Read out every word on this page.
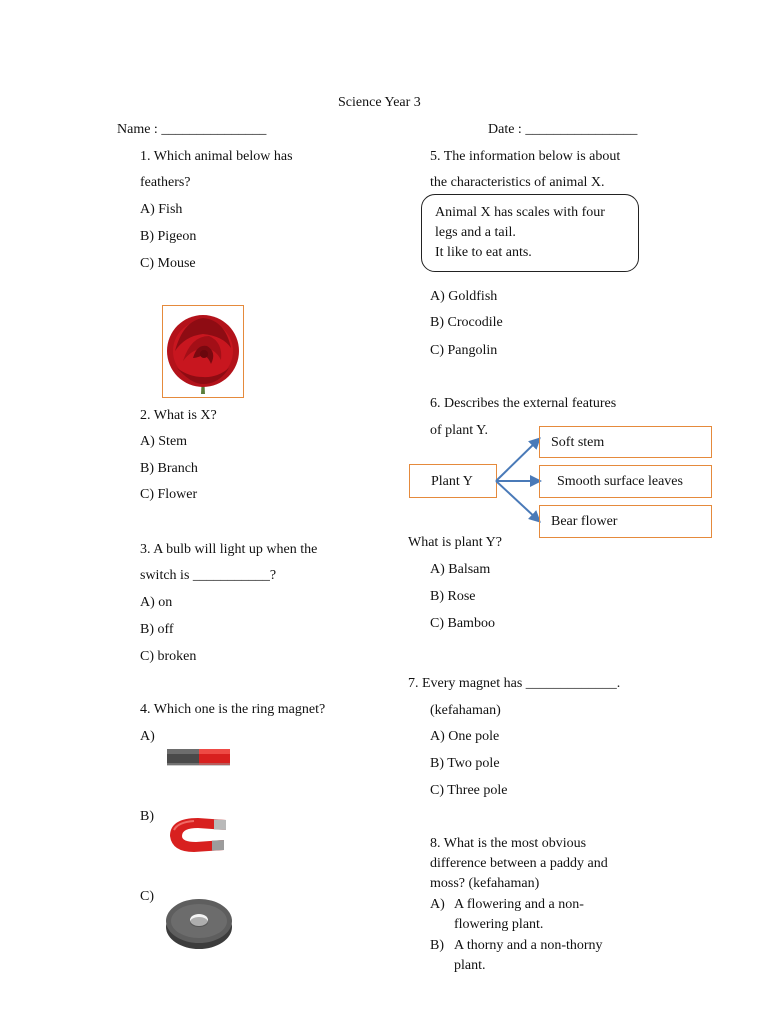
Science Year 3
Name : _______________	Date : ________________
1. Which animal below has
feathers?
A) Fish
B) Pigeon
C) Mouse
2. What is X?
A) Stem
B) Branch
C) Flower
3. A bulb will light up when the
switch is ___________?
A) on
B) off
C) broken
4. Which one is the ring magnet?
A)
B)
C)
5. The information below is about
the characteristics of animal X.
Animal X has scales with four
legs and a tail.
It like to eat ants.
A) Goldfish
B) Crocodile
C) Pangolin
6. Describes the external features
of plant Y.
Plant Y
Soft stem
Smooth surface leaves
Bear flower
What is plant Y?
A) Balsam
B) Rose
C) Bamboo
7. Every magnet has _____________.
(kefahaman)
A) One pole
B) Two pole
C) Three pole
8. What is the most obvious
difference between a paddy and
moss? (kefahaman)
A) A flowering and a non-
flowering plant.
B) A thorny and a non-thorny
plant.
